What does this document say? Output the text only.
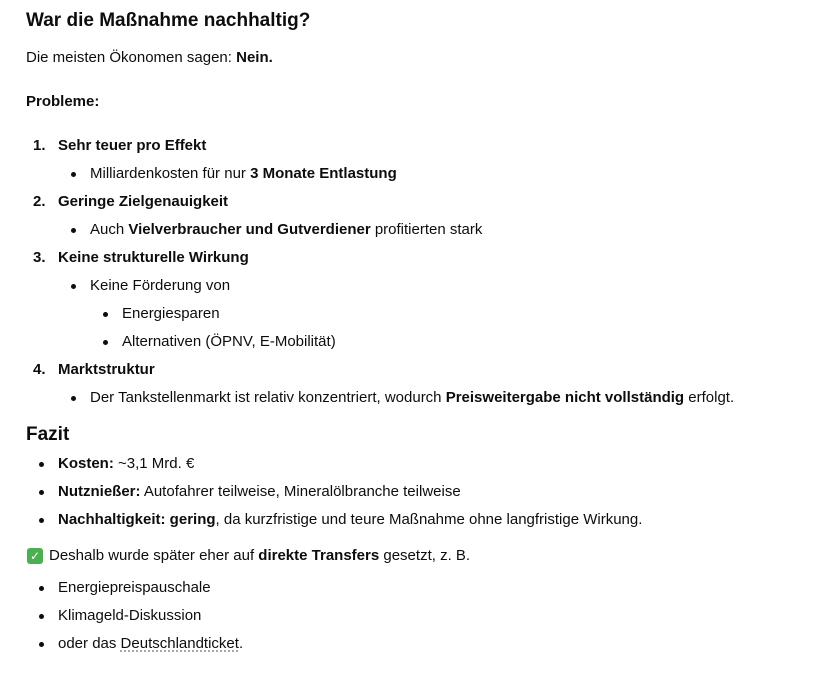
War die Maßnahme nachhaltig?

Die meisten Ökonomen sagen: Nein.

Probleme:

1. Sehr teuer pro Effekt
Milliardenkosten für nur 3 Monate Entlastung
2. Geringe Zielgenauigkeit
Auch Vielverbraucher und Gutverdiener profitierten stark
3. Keine strukturelle Wirkung
Keine Förderung von
Energiesparen
Alternativen (ÖPNV, E-Mobilität)
4. Marktstruktur
Der Tankstellenmarkt ist relativ konzentriert, wodurch Preisweitergabe nicht vollständig erfolgt.
Fazit
Kosten: ~3,1 Mrd. €
Nutznießer: Autofahrer teilweise, Mineralölbranche teilweise
Nachhaltigkeit: gering, da kurzfristige und teure Maßnahme ohne langfristige Wirkung.

✓ Deshalb wurde später eher auf direkte Transfers gesetzt, z. B.

Energiepreispauschale
Klimageld-Diskussion
oder das Deutschlandticket.
